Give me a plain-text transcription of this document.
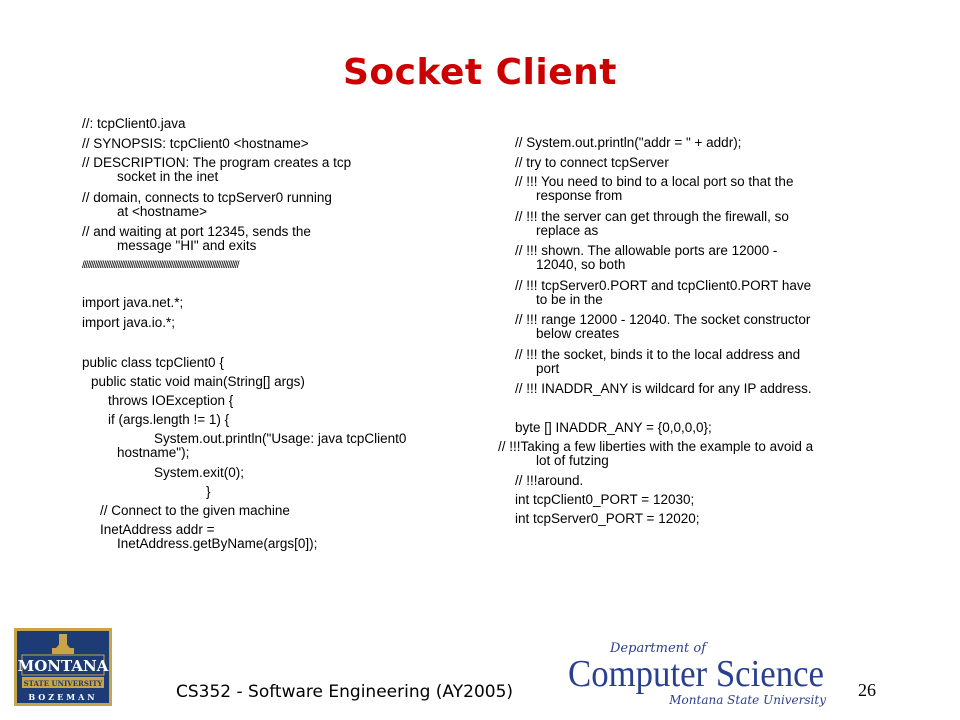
Socket Client
//: tcpClient0.java
// SYNOPSIS: tcpClient0 <hostname>
// DESCRIPTION: The program creates a tcp
socket in the inet
// domain, connects to tcpServer0 running
at <hostname>
// and waiting at port 12345, sends the
message "HI" and exits
////////////////////////////////////////////////////////////////////////////////////////
import java.net.*;
import java.io.*;
public class tcpClient0 {
public static void main(String[] args)
throws IOException {
if (args.length != 1) {
System.out.println("Usage: java tcpClient0
hostname");
System.exit(0);
}
// Connect to the given machine
InetAddress addr =
InetAddress.getByName(args[0]);
// System.out.println("addr = " + addr);
// try to connect tcpServer
// !!! You need to bind to a local port so that the
response from
// !!! the server can get through the firewall, so
replace as
// !!! shown. The allowable ports are 12000 -
12040, so both
// !!! tcpServer0.PORT and tcpClient0.PORT have
to be in the
// !!! range 12000 - 12040. The socket constructor
below creates
// !!! the socket, binds it to the local address and
port
// !!! INADDR_ANY is wildcard for any IP address.
byte [] INADDR_ANY = {0,0,0,0};
// !!!Taking a few liberties with the example to avoid a
lot of futzing
// !!!around.
int tcpClient0_PORT = 12030;
int tcpServer0_PORT = 12020;
MONTANA
STATE UNIVERSITY
BOZEMAN	CS352 - Software Engineering (AY2005)
Department of
Computer Science
Montana State University 26
